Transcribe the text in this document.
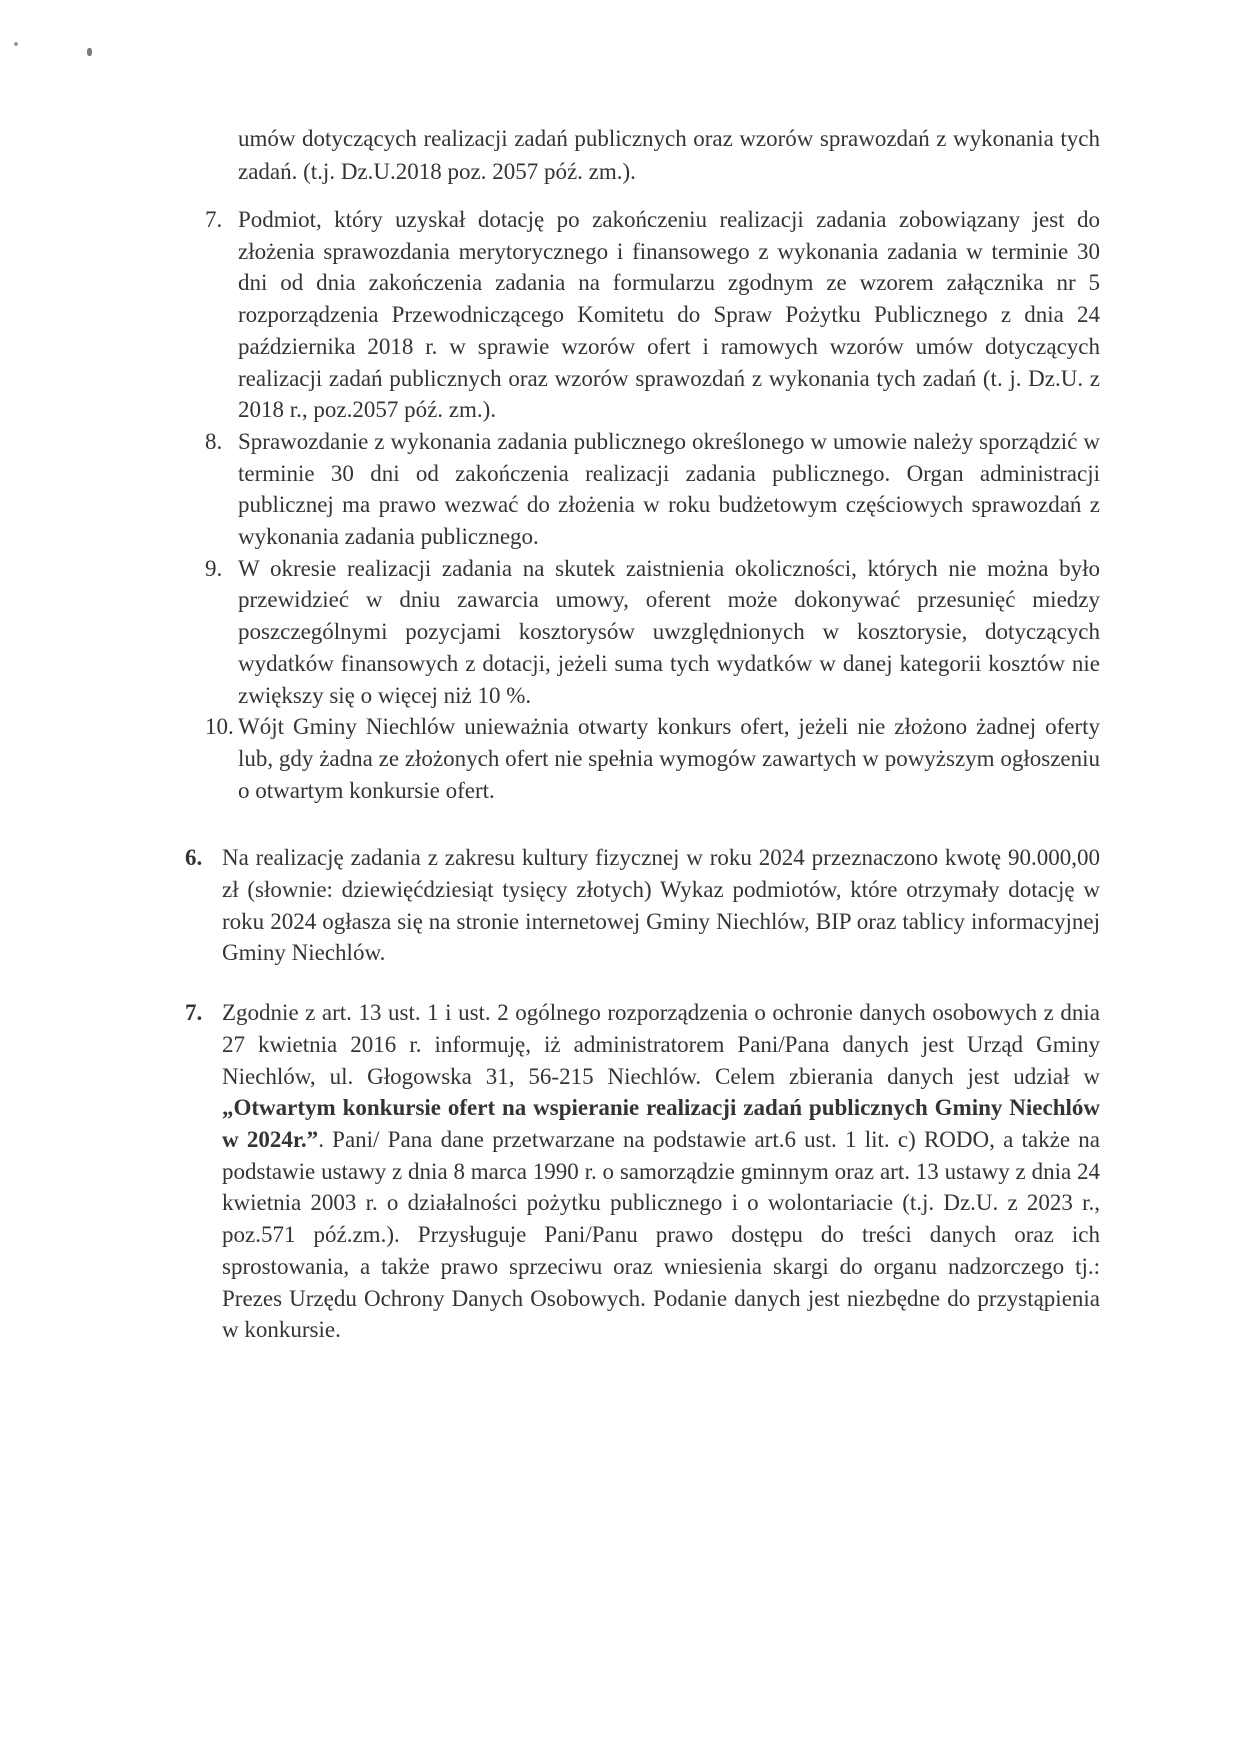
umów dotyczących realizacji zadań publicznych oraz wzorów sprawozdań z wykonania tych zadań. (t.j. Dz.U.2018 poz. 2057 póź. zm.).

7. Podmiot, który uzyskał dotację po zakończeniu realizacji zadania zobowiązany jest do złożenia sprawozdania merytorycznego i finansowego z wykonania zadania w terminie 30 dni od dnia zakończenia zadania na formularzu zgodnym ze wzorem załącznika nr 5 rozporządzenia Przewodniczącego Komitetu do Spraw Pożytku Publicznego z dnia 24 października 2018 r. w sprawie wzorów ofert i ramowych wzorów umów dotyczących realizacji zadań publicznych oraz wzorów sprawozdań z wykonania tych zadań (t. j. Dz.U. z 2018 r., poz.2057 póź. zm.).
8. Sprawozdanie z wykonania zadania publicznego określonego w umowie należy sporządzić w terminie 30 dni od zakończenia realizacji zadania publicznego. Organ administracji publicznej ma prawo wezwać do złożenia w roku budżetowym częściowych sprawozdań z wykonania zadania publicznego.
9. W okresie realizacji zadania na skutek zaistnienia okoliczności, których nie można było przewidzieć w dniu zawarcia umowy, oferent może dokonywać przesunięć miedzy poszczególnymi pozycjami kosztorysów uwzględnionych w kosztorysie, dotyczących wydatków finansowych z dotacji, jeżeli suma tych wydatków w danej kategorii kosztów nie zwiększy się o więcej niż 10 %.
10. Wójt Gminy Niechlów unieważnia otwarty konkurs ofert, jeżeli nie złożono żadnej oferty lub, gdy żadna ze złożonych ofert nie spełnia wymogów zawartych w powyższym ogłoszeniu o otwartym konkursie ofert.
6. Na realizację zadania z zakresu kultury fizycznej w roku 2024 przeznaczono kwotę 90.000,00 zł (słownie: dziewięćdziesiąt tysięcy złotych) Wykaz podmiotów, które otrzymały dotację w roku 2024 ogłasza się na stronie internetowej Gminy Niechlów, BIP oraz tablicy informacyjnej Gminy Niechlów.
7. Zgodnie z art. 13 ust. 1 i ust. 2 ogólnego rozporządzenia o ochronie danych osobowych z dnia 27 kwietnia 2016 r. informuję, iż administratorem Pani/Pana danych jest Urząd Gminy Niechlów, ul. Głogowska 31, 56-215 Niechlów. Celem zbierania danych jest udział w „Otwartym konkursie ofert na wspieranie realizacji zadań publicznych Gminy Niechlów w 2024r.”. Pani/ Pana dane przetwarzane na podstawie art.6 ust. 1 lit. c) RODO, a także na podstawie ustawy z dnia 8 marca 1990 r. o samorządzie gminnym oraz art. 13 ustawy z dnia 24 kwietnia 2003 r. o działalności pożytku publicznego i o wolontariacie (t.j. Dz.U. z 2023 r., poz.571 póź.zm.). Przysługuje Pani/Panu prawo dostępu do treści danych oraz ich sprostowania, a także prawo sprzeciwu oraz wniesienia skargi do organu nadzorczego tj.: Prezes Urzędu Ochrony Danych Osobowych. Podanie danych jest niezbędne do przystąpienia w konkursie.
